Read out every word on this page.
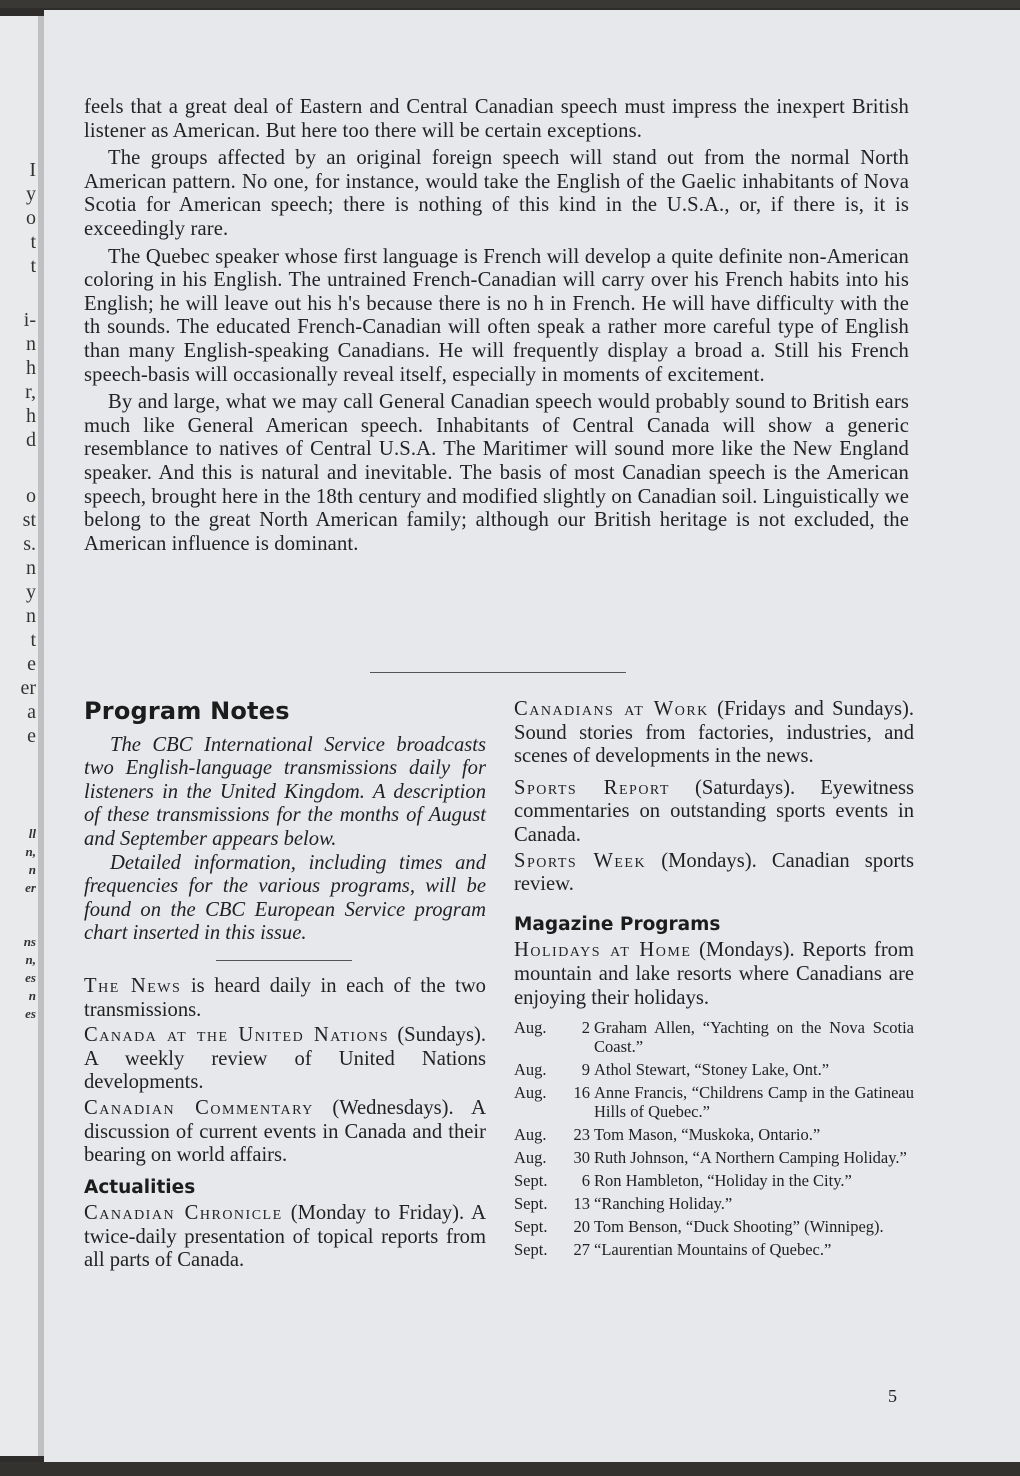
I
y
o
t
t
i-
n
h
r,
h
d
o
st
s.
n
y
n
t
e
er
a
e
ll
n,
n
er
ns
n,
es
n
es

feels that a great deal of Eastern and Central Canadian speech must impress the inexpert British listener as American. But here too there will be certain exceptions.

The groups affected by an original foreign speech will stand out from the normal North American pattern. No one, for instance, would take the English of the Gaelic inhabitants of Nova Scotia for American speech; there is nothing of this kind in the U.S.A., or, if there is, it is exceedingly rare.

The Quebec speaker whose first language is French will develop a quite definite non-American coloring in his English. The untrained French-Canadian will carry over his French habits into his English; he will leave out his h's because there is no h in French. He will have difficulty with the th sounds. The educated French-Canadian will often speak a rather more careful type of English than many English-speaking Canadians. He will frequently display a broad a. Still his French speech-basis will occasionally reveal itself, especially in moments of excitement.

By and large, what we may call General Canadian speech would probably sound to British ears much like General American speech. Inhabitants of Central Canada will show a generic resemblance to natives of Central U.S.A. The Maritimer will sound more like the New England speaker. And this is natural and inevitable. The basis of most Canadian speech is the American speech, brought here in the 18th century and modified slightly on Canadian soil. Linguistically we belong to the great North American family; although our British heritage is not excluded, the American influence is dominant.

Program Notes

The CBC International Service broadcasts two English-language transmissions daily for listeners in the United Kingdom. A description of these transmissions for the months of August and September appears below.

Detailed information, including times and frequencies for the various programs, will be found on the CBC European Service program chart inserted in this issue.

The News is heard daily in each of the two transmissions.

Canada at the United Nations (Sundays). A weekly review of United Nations developments.

Canadian Commentary (Wednesdays). A discussion of current events in Canada and their bearing on world affairs.

Actualities

Canadian Chronicle (Monday to Friday). A twice-daily presentation of topical reports from all parts of Canada.

Canadians at Work (Fridays and Sundays). Sound stories from factories, industries, and scenes of developments in the news.

Sports Report (Saturdays). Eyewitness commentaries on outstanding sports events in Canada.

Sports Week (Mondays). Canadian sports review.

Magazine Programs

Holidays at Home (Mondays). Reports from mountain and lake resorts where Canadians are enjoying their holidays.

Aug. 2 Graham Allen, “Yachting on the Nova Scotia Coast.”
Aug. 9 Athol Stewart, “Stoney Lake, Ont.”
Aug. 16 Anne Francis, “Childrens Camp in the Gatineau Hills of Quebec.”
Aug. 23 Tom Mason, “Muskoka, Ontario.”
Aug. 30 Ruth Johnson, “A Northern Camping Holiday.”
Sept. 6 Ron Hambleton, “Holiday in the City.”
Sept. 13 “Ranching Holiday.”
Sept. 20 Tom Benson, “Duck Shooting” (Winnipeg).
Sept. 27 “Laurentian Mountains of Quebec.”
5
